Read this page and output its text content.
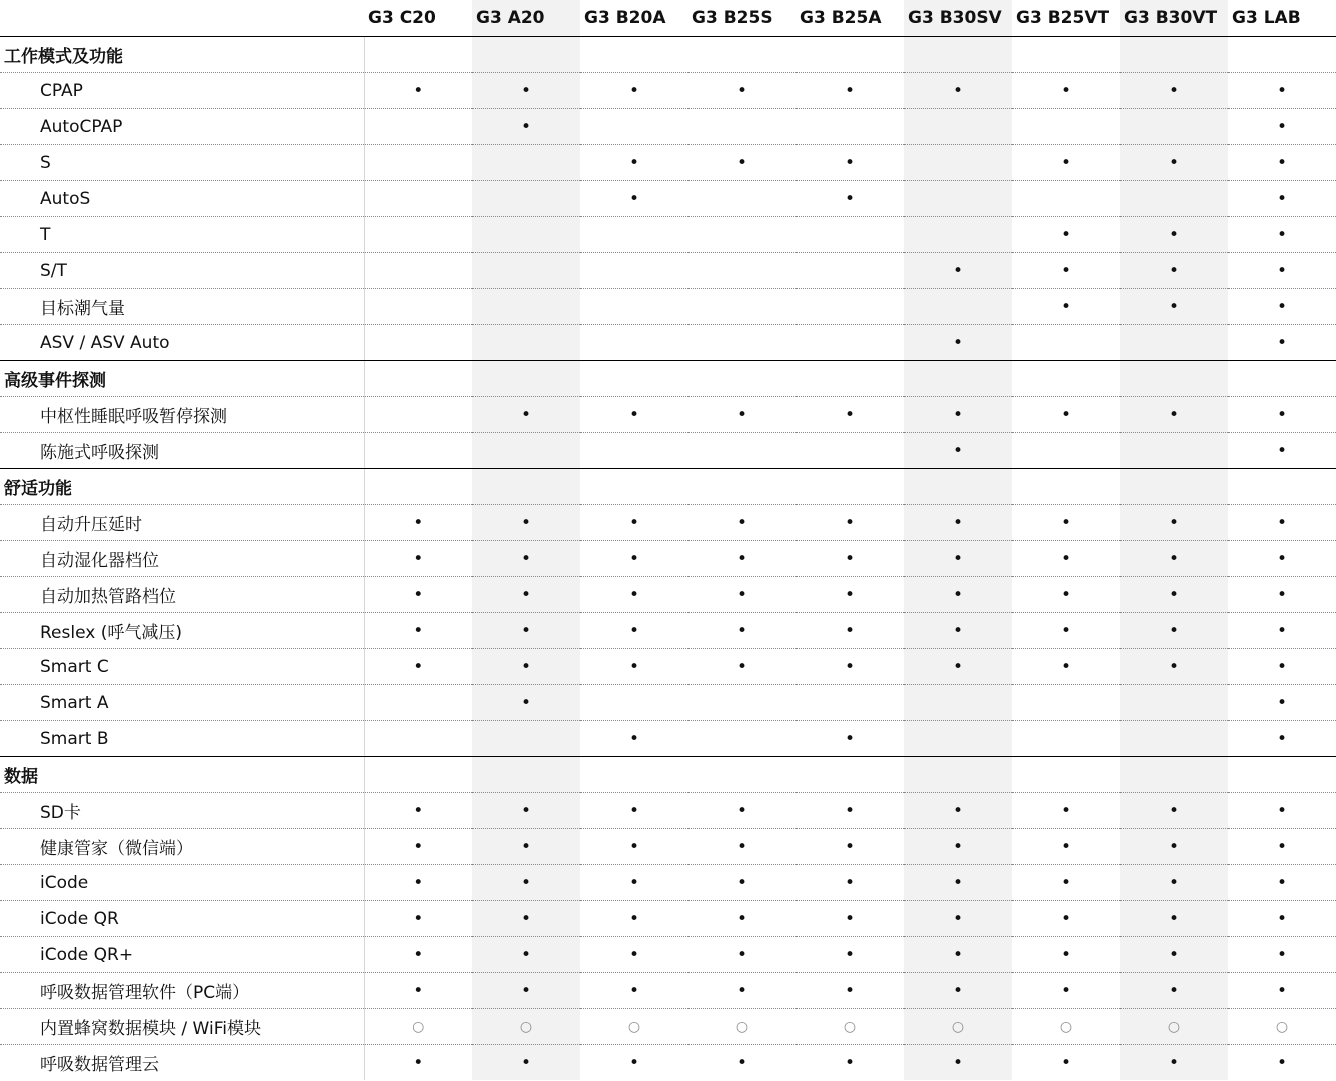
	G3 C20	G3 A20	G3 B20A	G3 B25S	G3 B25A	G3 B30SV	G3 B25VT	G3 B30VT	G3 LAB
工作模式及功能									
CPAP	•	•	•	•	•	•	•	•	•
AutoCPAP		•							•
S			•	•	•		•	•	•
AutoS			•		•				•
T							•	•	•
S/T						•	•	•	•
目标潮气量							•	•	•
ASV / ASV Auto						•			•
高级事件探测									
中枢性睡眠呼吸暂停探测		•	•	•	•	•	•	•	•
陈施式呼吸探测						•			•
舒适功能									
自动升压延时	•	•	•	•	•	•	•	•	•
自动湿化器档位	•	•	•	•	•	•	•	•	•
自动加热管路档位	•	•	•	•	•	•	•	•	•
Reslex (呼气减压)	•	•	•	•	•	•	•	•	•
Smart C	•	•	•	•	•	•	•	•	•
Smart A		•							•
Smart B			•		•				•
数据									
SD卡	•	•	•	•	•	•	•	•	•
健康管家（微信端）	•	•	•	•	•	•	•	•	•
iCode	•	•	•	•	•	•	•	•	•
iCode QR	•	•	•	•	•	•	•	•	•
iCode QR+	•	•	•	•	•	•	•	•	•
呼吸数据管理软件（PC端）	•	•	•	•	•	•	•	•	•
内置蜂窝数据模块 / WiFi模块	○	○	○	○	○	○	○	○	○
呼吸数据管理云	•	•	•	•	•	•	•	•	•
